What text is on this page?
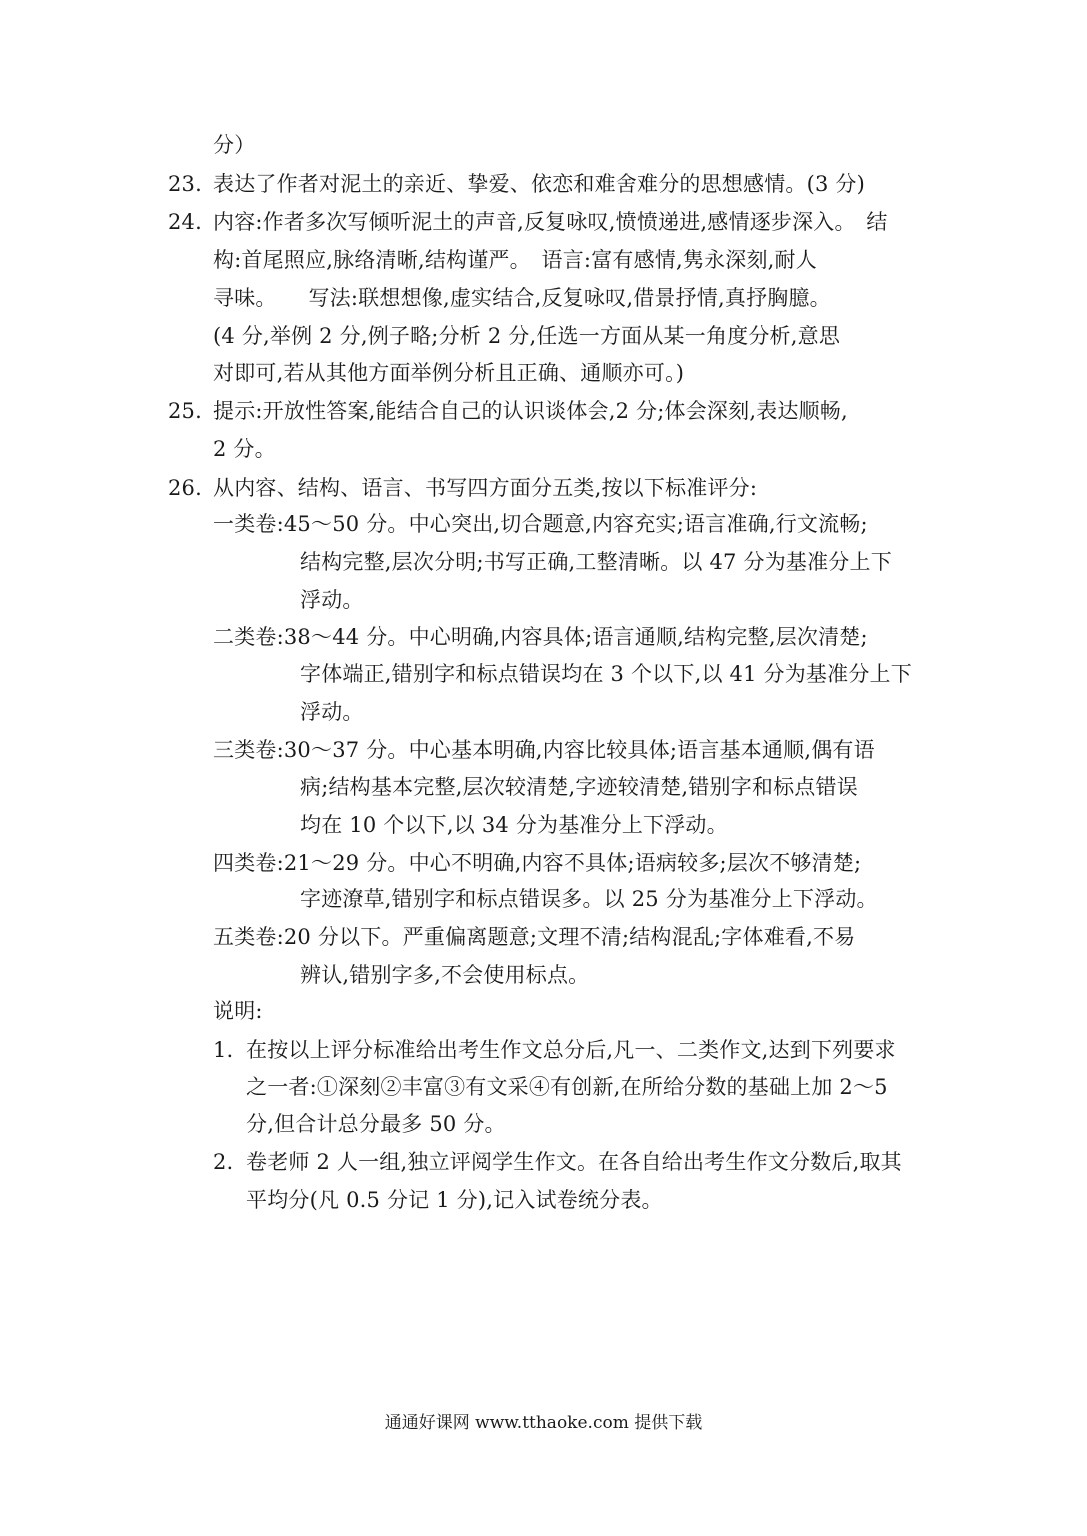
分）
23. 表达了作者对泥土的亲近、挚爱、依恋和难舍难分的思想感情。(3 分)
24. 内容:作者多次写倾听泥土的声音,反复咏叹,愤愤递进,感情逐步深入。　结
构:首尾照应,脉络清晰,结构谨严。　语言:富有感情,隽永深刻,耐人
寻味。　　写法:联想想像,虚实结合,反复咏叹,借景抒情,真抒胸臆。
(4 分,举例 2 分,例子略;分析 2 分,任选一方面从某一角度分析,意思
对即可,若从其他方面举例分析且正确、通顺亦可。)
25. 提示:开放性答案,能结合自己的认识谈体会,2 分;体会深刻,表达顺畅,
2 分。
26. 从内容、结构、语言、书写四方面分五类,按以下标准评分:
一类卷:45～50 分。中心突出,切合题意,内容充实;语言准确,行文流畅;
结构完整,层次分明;书写正确,工整清晰。以 47 分为基准分上下
浮动。
二类卷:38～44 分。中心明确,内容具体;语言通顺,结构完整,层次清楚;
字体端正,错别字和标点错误均在 3 个以下,以 41 分为基准分上下
浮动。
三类卷:30～37 分。中心基本明确,内容比较具体;语言基本通顺,偶有语
病;结构基本完整,层次较清楚,字迹较清楚,错别字和标点错误
均在 10 个以下,以 34 分为基准分上下浮动。
四类卷:21～29 分。中心不明确,内容不具体;语病较多;层次不够清楚;
字迹潦草,错别字和标点错误多。以 25 分为基准分上下浮动。
五类卷:20 分以下。严重偏离题意;文理不清;结构混乱;字体难看,不易
辨认,错别字多,不会使用标点。
说明:
1. 在按以上评分标准给出考生作文总分后,凡一、二类作文,达到下列要求
之一者:①深刻②丰富③有文采④有创新,在所给分数的基础上加 2～5
分,但合计总分最多 50 分。
2. 卷老师 2 人一组,独立评阅学生作文。在各自给出考生作文分数后,取其
平均分(凡 0.5 分记 1 分),记入试卷统分表。
通通好课网 www.tthaoke.com 提供下载
